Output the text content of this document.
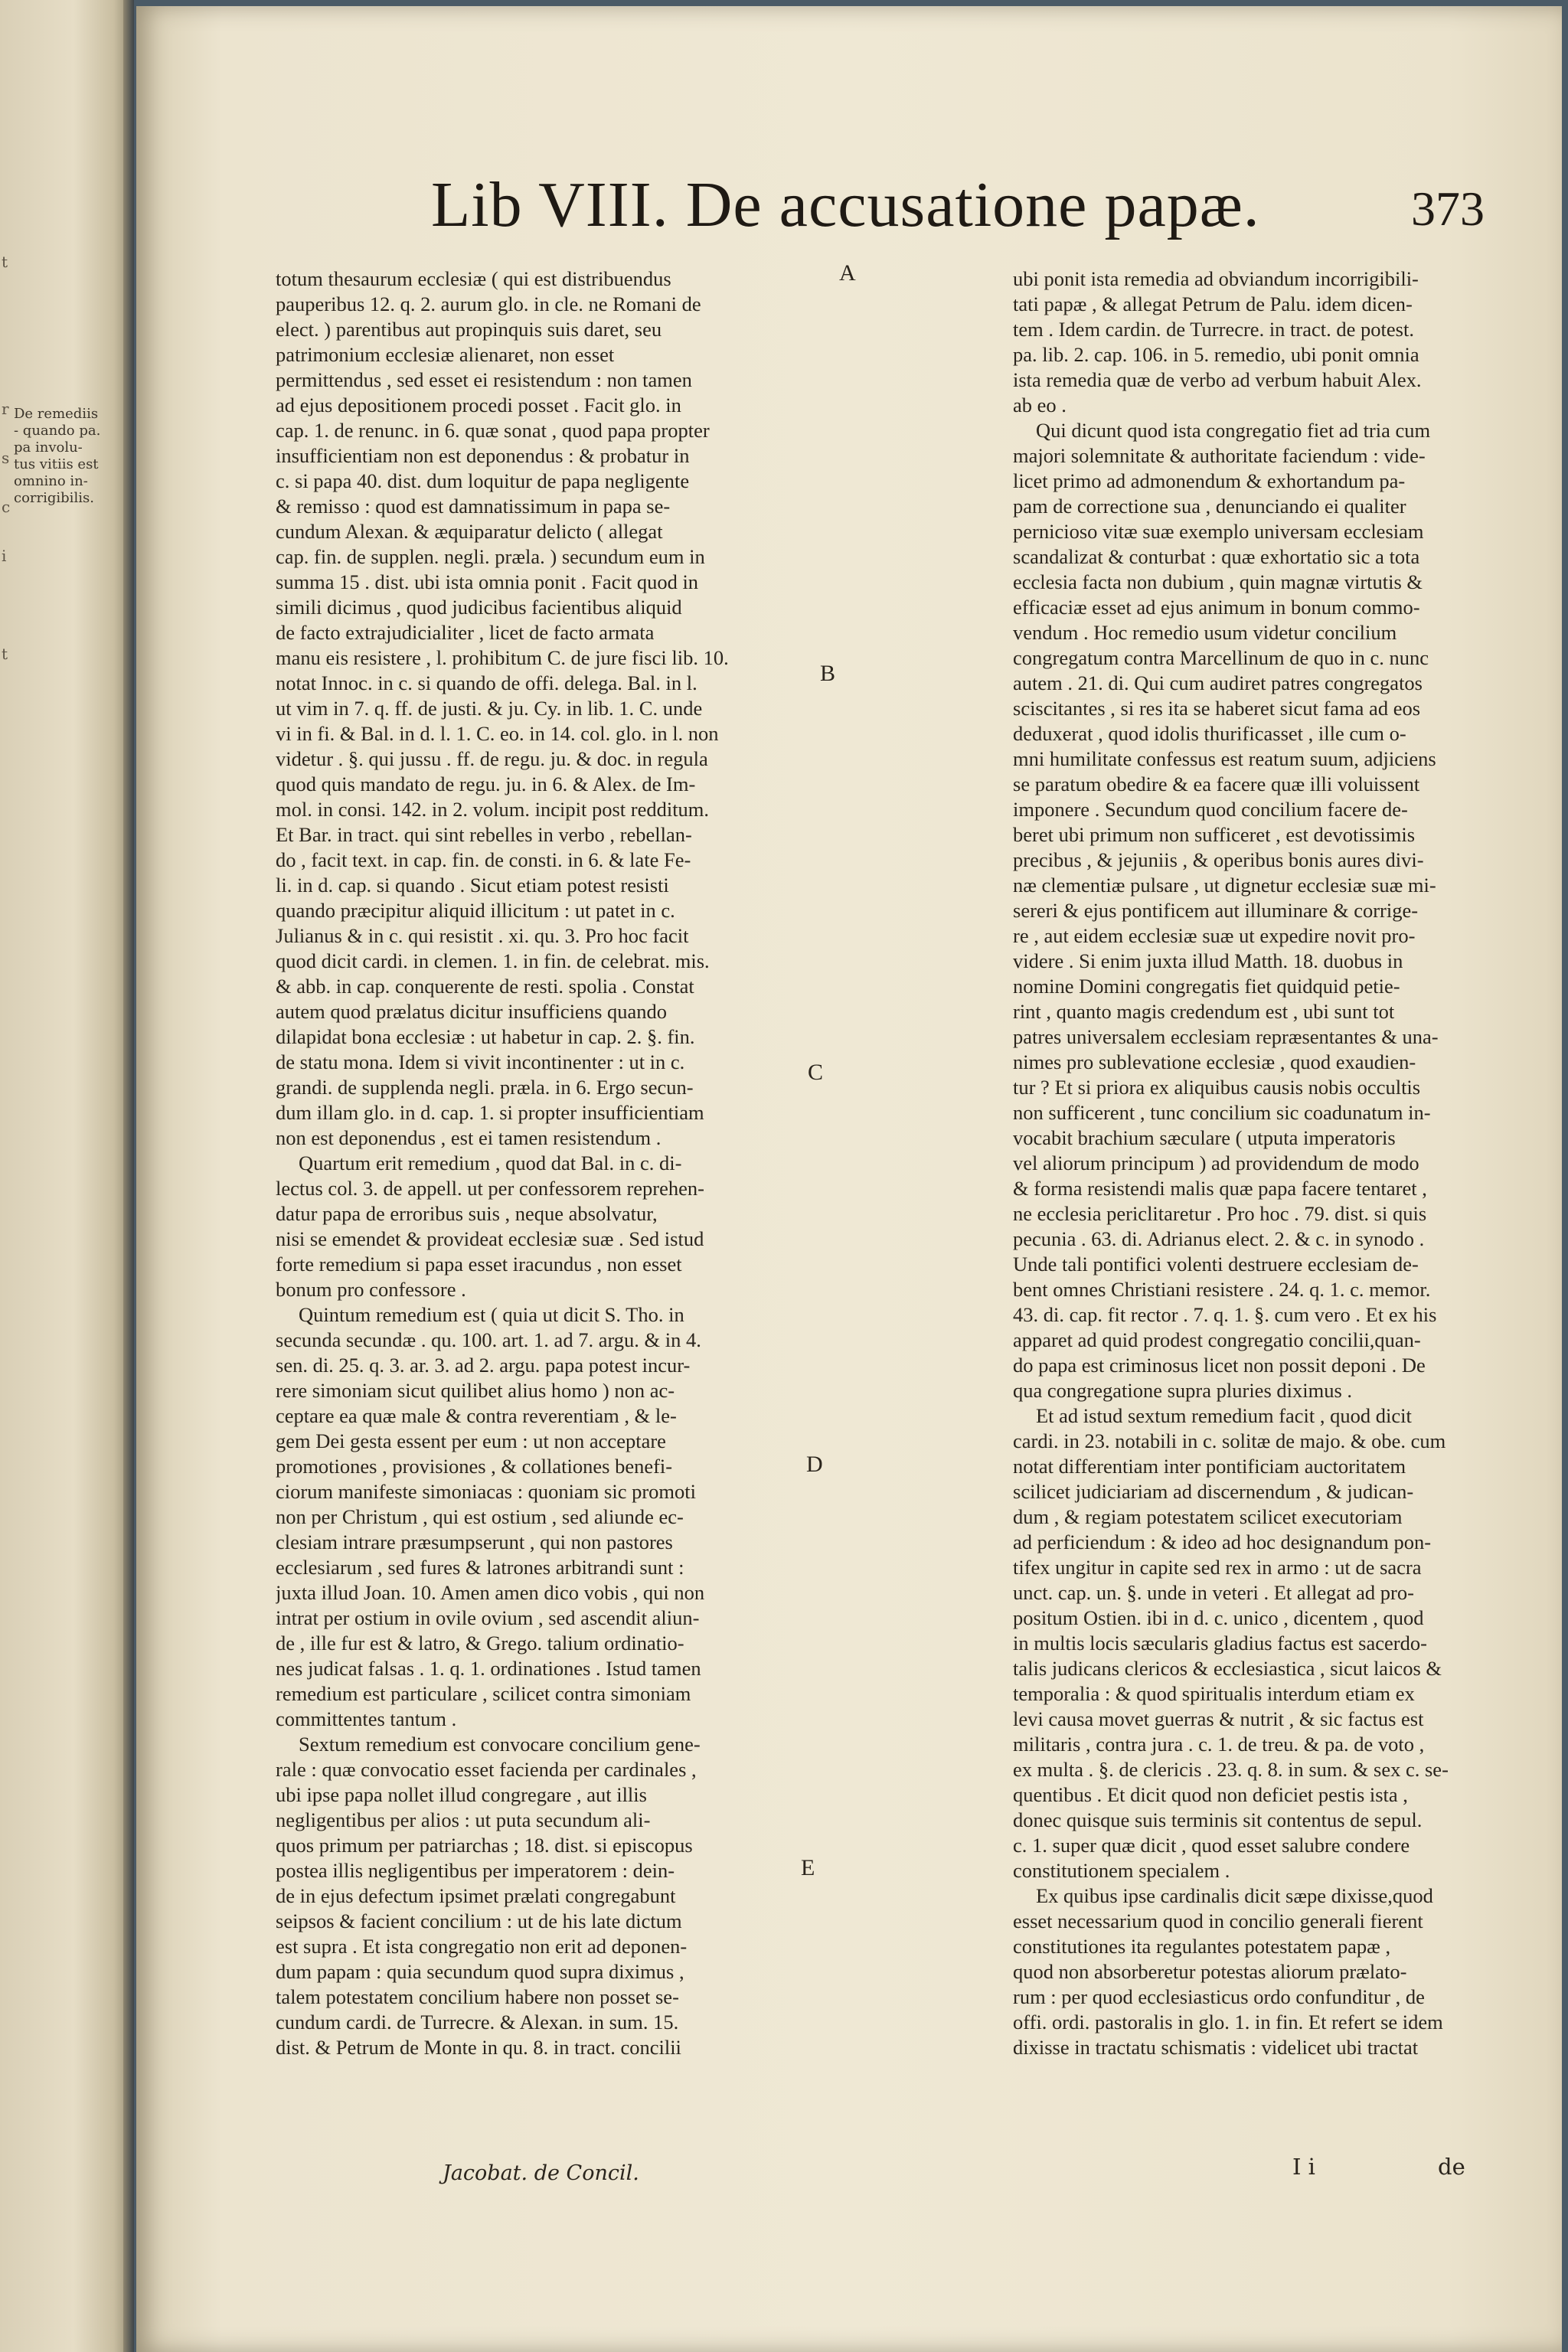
t
r
s
c
i
t
De remediis
- quando pa.
pa involu-
tus vitiis est
omnino in-
corrigibilis.
Lib VIII. De accusatione papæ.	373
totum thesaurum ecclesiæ ( qui est distribuendus
pauperibus 12. q. 2. aurum glo. in cle. ne Romani de
elect. ) parentibus aut propinquis suis daret, seu
patrimonium ecclesiæ alienaret, non esset
permittendus , sed esset ei resistendum : non tamen
ad ejus depositionem procedi posset . Facit glo. in
cap. 1. de renunc. in 6. quæ sonat , quod papa propter
insufficientiam non est deponendus : & probatur in
c. si papa 40. dist. dum loquitur de papa negligente
& remisso : quod est damnatissimum in papa se-
cundum Alexan. & æquiparatur delicto ( allegat
cap. fin. de supplen. negli. præla. ) secundum eum in
summa 15 . dist. ubi ista omnia ponit . Facit quod in
simili dicimus , quod judicibus facientibus aliquid
de facto extrajudicialiter , licet de facto armata
manu eis resistere , l. prohibitum C. de jure fisci lib. 10.
notat Innoc. in c. si quando de offi. delega. Bal. in l.
ut vim in 7. q. ff. de justi. & ju. Cy. in lib. 1. C. unde
vi in fi. & Bal. in d. l. 1. C. eo. in 14. col. glo. in l. non
videtur . §. qui jussu . ff. de regu. ju. & doc. in regula
quod quis mandato de regu. ju. in 6. & Alex. de Im-
mol. in consi. 142. in 2. volum. incipit post redditum.
Et Bar. in tract. qui sint rebelles in verbo , rebellan-
do , facit text. in cap. fin. de consti. in 6. & late Fe-
li. in d. cap. si quando . Sicut etiam potest resisti
quando præcipitur aliquid illicitum : ut patet in c.
Julianus & in c. qui resistit . xi. qu. 3. Pro hoc facit
quod dicit cardi. in clemen. 1. in fin. de celebrat. mis.
& abb. in cap. conquerente de resti. spolia . Constat
autem quod prælatus dicitur insufficiens quando
dilapidat bona ecclesiæ : ut habetur in cap. 2. §. fin.
de statu mona. Idem si vivit incontinenter : ut in c.
grandi. de supplenda negli. præla. in 6. Ergo secun-
dum illam glo. in d. cap. 1. si propter insufficientiam
non est deponendus , est ei tamen resistendum .
Quartum erit remedium , quod dat Bal. in c. di-
lectus col. 3. de appell. ut per confessorem reprehen-
datur papa de erroribus suis , neque absolvatur,
nisi se emendet & provideat ecclesiæ suæ . Sed istud
forte remedium si papa esset iracundus , non esset
bonum pro confessore .
Quintum remedium est ( quia ut dicit S. Tho. in
secunda secundæ . qu. 100. art. 1. ad 7. argu. & in 4.
sen. di. 25. q. 3. ar. 3. ad 2. argu. papa potest incur-
rere simoniam sicut quilibet alius homo ) non ac-
ceptare ea quæ male & contra reverentiam , & le-
gem Dei gesta essent per eum : ut non acceptare
promotiones , provisiones , & collationes benefi-
ciorum manifeste simoniacas : quoniam sic promoti
non per Christum , qui est ostium , sed aliunde ec-
clesiam intrare præsumpserunt , qui non pastores
ecclesiarum , sed fures & latrones arbitrandi sunt :
juxta illud Joan. 10. Amen amen dico vobis , qui non
intrat per ostium in ovile ovium , sed ascendit aliun-
de , ille fur est & latro, & Grego. talium ordinatio-
nes judicat falsas . 1. q. 1. ordinationes . Istud tamen
remedium est particulare , scilicet contra simoniam
committentes tantum .
Sextum remedium est convocare concilium gene-
rale : quæ convocatio esset facienda per cardinales ,
ubi ipse papa nollet illud congregare , aut illis
negligentibus per alios : ut puta secundum ali-
quos primum per patriarchas ; 18. dist. si episcopus
postea illis negligentibus per imperatorem : dein-
de in ejus defectum ipsimet prælati congregabunt
seipsos & facient concilium : ut de his late dictum
est supra . Et ista congregatio non erit ad deponen-
dum papam : quia secundum quod supra diximus ,
talem potestatem concilium habere non posset se-
cundum cardi. de Turrecre. & Alexan. in sum. 15.
dist. & Petrum de Monte in qu. 8. in tract. concilii
ubi ponit ista remedia ad obviandum incorrigibili-
tati papæ , & allegat Petrum de Palu. idem dicen-
tem . Idem cardin. de Turrecre. in tract. de potest.
pa. lib. 2. cap. 106. in 5. remedio, ubi ponit omnia
ista remedia quæ de verbo ad verbum habuit Alex.
ab eo .
Qui dicunt quod ista congregatio fiet ad tria cum
majori solemnitate & authoritate faciendum : vide-
licet primo ad admonendum & exhortandum pa-
pam de correctione sua , denunciando ei qualiter
pernicioso vitæ suæ exemplo universam ecclesiam
scandalizat & conturbat : quæ exhortatio sic a tota
ecclesia facta non dubium , quin magnæ virtutis &
efficaciæ esset ad ejus animum in bonum commo-
vendum . Hoc remedio usum videtur concilium
congregatum contra Marcellinum de quo in c. nunc
autem . 21. di. Qui cum audiret patres congregatos
sciscitantes , si res ita se haberet sicut fama ad eos
deduxerat , quod idolis thurificasset , ille cum o-
mni humilitate confessus est reatum suum, adjiciens
se paratum obedire & ea facere quæ illi voluissent
imponere . Secundum quod concilium facere de-
beret ubi primum non sufficeret , est devotissimis
precibus , & jejuniis , & operibus bonis aures divi-
næ clementiæ pulsare , ut dignetur ecclesiæ suæ mi-
sereri & ejus pontificem aut illuminare & corrige-
re , aut eidem ecclesiæ suæ ut expedire novit pro-
videre . Si enim juxta illud Matth. 18. duobus in
nomine Domini congregatis fiet quidquid petie-
rint , quanto magis credendum est , ubi sunt tot
patres universalem ecclesiam repræsentantes & una-
nimes pro sublevatione ecclesiæ , quod exaudien-
tur ? Et si priora ex aliquibus causis nobis occultis
non sufficerent , tunc concilium sic coadunatum in-
vocabit brachium sæculare ( utputa imperatoris
vel aliorum principum ) ad providendum de modo
& forma resistendi malis quæ papa facere tentaret ,
ne ecclesia periclitaretur . Pro hoc . 79. dist. si quis
pecunia . 63. di. Adrianus elect. 2. & c. in synodo .
Unde tali pontifici volenti destruere ecclesiam de-
bent omnes Christiani resistere . 24. q. 1. c. memor.
43. di. cap. fit rector . 7. q. 1. §. cum vero . Et ex his
apparet ad quid prodest congregatio concilii,quan-
do papa est criminosus licet non possit deponi . De
qua congregatione supra pluries diximus .
Et ad istud sextum remedium facit , quod dicit
cardi. in 23. notabili in c. solitæ de majo. & obe. cum
notat differentiam inter pontificiam auctoritatem
scilicet judiciariam ad discernendum , & judican-
dum , & regiam potestatem scilicet executoriam
ad perficiendum : & ideo ad hoc designandum pon-
tifex ungitur in capite sed rex in armo : ut de sacra
unct. cap. un. §. unde in veteri . Et allegat ad pro-
positum Ostien. ibi in d. c. unico , dicentem , quod
in multis locis sæcularis gladius factus est sacerdo-
talis judicans clericos & ecclesiastica , sicut laicos &
temporalia : & quod spiritualis interdum etiam ex
levi causa movet guerras & nutrit , & sic factus est
militaris , contra jura . c. 1. de treu. & pa. de voto ,
ex multa . §. de clericis . 23. q. 8. in sum. & sex c. se-
quentibus . Et dicit quod non deficiet pestis ista ,
donec quisque suis terminis sit contentus de sepul.
c. 1. super quæ dicit , quod esset salubre condere
constitutionem specialem .
Ex quibus ipse cardinalis dicit sæpe dixisse,quod
esset necessarium quod in concilio generali fierent
constitutiones ita regulantes potestatem papæ ,
quod non absorberetur potestas aliorum prælato-
rum : per quod ecclesiasticus ordo confunditur , de
offi. ordi. pastoralis in glo. 1. in fin. Et refert se idem
dixisse in tractatu schismatis : videlicet ubi tractat
A
B
C
D
E
Jacobat. de Concil.	I i	de
